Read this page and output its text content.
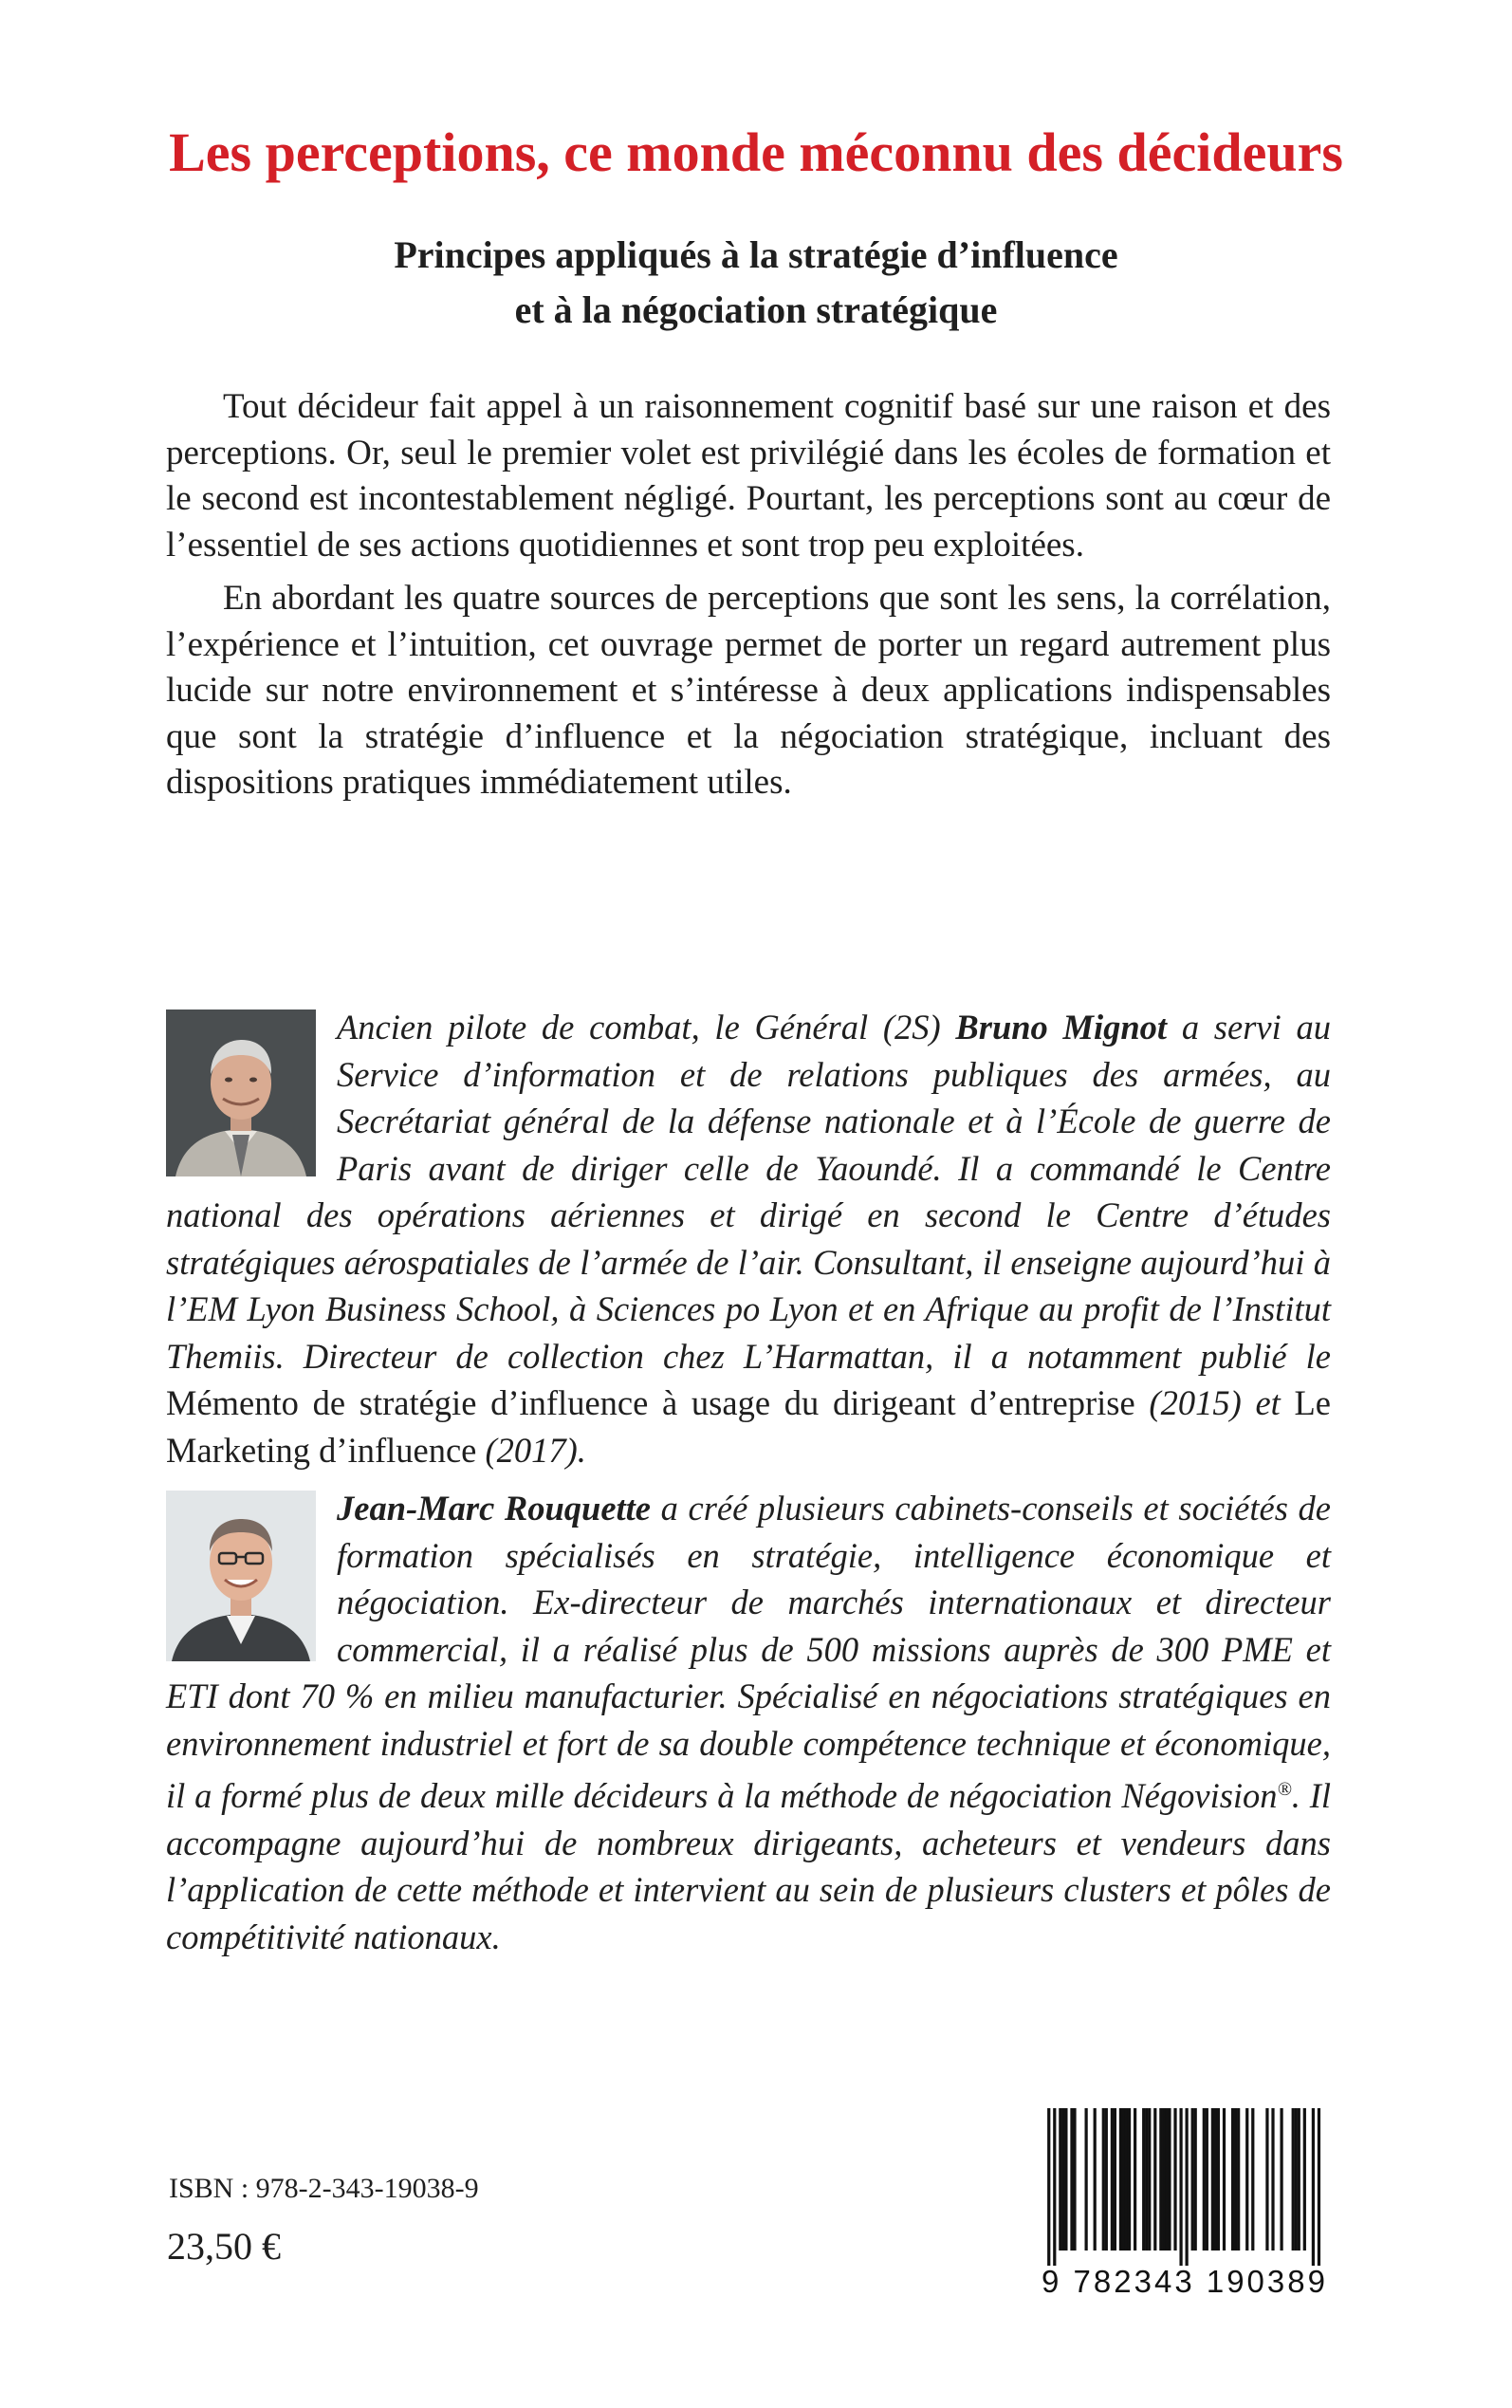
Les perceptions, ce monde méconnu des décideurs
Principes appliqués à la stratégie d’influence
et à la négociation stratégique

Tout décideur fait appel à un raisonnement cognitif basé sur une raison et des perceptions. Or, seul le premier volet est privilégié dans les écoles de formation et le second est incontestablement négligé. Pourtant, les perceptions sont au cœur de l’essentiel de ses actions quotidiennes et sont trop peu exploitées.

En abordant les quatre sources de perceptions que sont les sens, la corrélation, l’expérience et l’intuition, cet ouvrage permet de porter un regard autrement plus lucide sur notre environnement et s’intéresse à deux applications indispensables que sont la stratégie d’influence et la négociation stratégique, incluant des dispositions pratiques immédiatement utiles.

Ancien pilote de combat, le Général (2S) Bruno Mignot a servi au Service d’information et de relations publiques des armées, au Secrétariat général de la défense nationale et à l’École de guerre de Paris avant de diriger celle de Yaoundé. Il a commandé le Centre national des opérations aériennes et dirigé en second le Centre d’études stratégiques aérospatiales de l’armée de l’air. Consultant, il enseigne aujourd’hui à l’EM Lyon Business School, à Sciences po Lyon et en Afrique au profit de l’Institut Themiis. Directeur de collection chez L’Harmattan, il a notamment publié le Mémento de stratégie d’influence à usage du dirigeant d’entreprise (2015) et Le Marketing d’influence (2017).

Jean-Marc Rouquette a créé plusieurs cabinets-conseils et sociétés de formation spécialisés en stratégie, intelligence économique et négociation. Ex-directeur de marchés internationaux et directeur commercial, il a réalisé plus de 500 missions auprès de 300 PME et ETI dont 70 % en milieu manufacturier. Spécialisé en négociations stratégiques en environnement industriel et fort de sa double compétence technique et économique, il a formé plus de deux mille décideurs à la méthode de négociation Négovision®. Il accompagne aujourd’hui de nombreux dirigeants, acheteurs et vendeurs dans l’application de cette méthode et intervient au sein de plusieurs clusters et pôles de compétitivité nationaux.

ISBN : 978-2-343-19038-9
23,50 €
9 782343 190389
